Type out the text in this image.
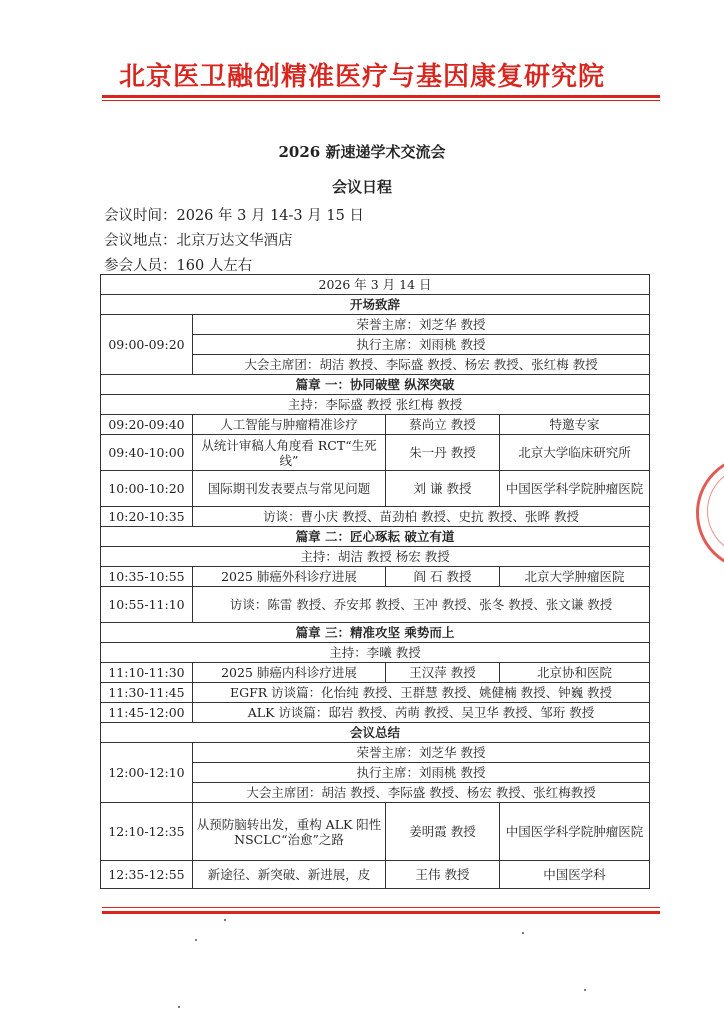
北京医卫融创精准医疗与基因康复研究院
2026 新速递学术交流会
会议日程
会议时间：2026 年 3 月 14-3 月 15 日
会议地点：北京万达文华酒店
参会人员：160 人左右
2026 年 3 月 14 日			
开场致辞			
09:00-09:20	荣誉主席：刘芝华 教授		
	执行主席：刘雨桃 教授		
	大会主席团：胡洁 教授、李际盛 教授、杨宏 教授、张红梅 教授		
篇章 一：协同破壁 纵深突破			
主持：李际盛 教授 张红梅 教授			
09:20-09:40	人工智能与肿瘤精准诊疗	蔡尚立 教授	特邀专家
09:40-10:00	从统计审稿人角度看 RCT“生死线”	朱一丹 教授	北京大学临床研究所
10:00-10:20	国际期刊发表要点与常见问题	刘 谦 教授	中国医学科学院肿瘤医院
10:20-10:35	访谈：曹小庆 教授、苗劲柏 教授、史抗 教授、张晔 教授		
篇章 二：匠心琢耘 破立有道			
主持：胡洁 教授 杨宏 教授			
10:35-10:55	2025 肺癌外科诊疗进展	阎 石 教授	北京大学肿瘤医院
10:55-11:10	访谈：陈雷 教授、乔安邦 教授、王冲 教授、张冬 教授、张文谦 教授		
篇章 三：精准攻坚 乘势而上			
主持：李曦 教授			
11:10-11:30	2025 肺癌内科诊疗进展	王汉萍 教授	北京协和医院
11:30-11:45	EGFR 访谈篇：化怡纯 教授、王群慧 教授、姚健楠 教授、钟巍 教授		
11:45-12:00	ALK 访谈篇：邸岩 教授、芮萌 教授、吴卫华 教授、邹珩 教授		
会议总结			
12:00-12:10	荣誉主席：刘芝华 教授		
	执行主席：刘雨桃 教授		
	大会主席团：胡洁 教授、李际盛 教授、杨宏 教授、张红梅教授		
12:10-12:35	从预防脑转出发，重构 ALK 阳性 NSCLC“治愈”之路	姜明霞 教授	中国医学科学院肿瘤医院
12:35-12:55	新途径、新突破、新进展，皮	王伟 教授	中国医学科
